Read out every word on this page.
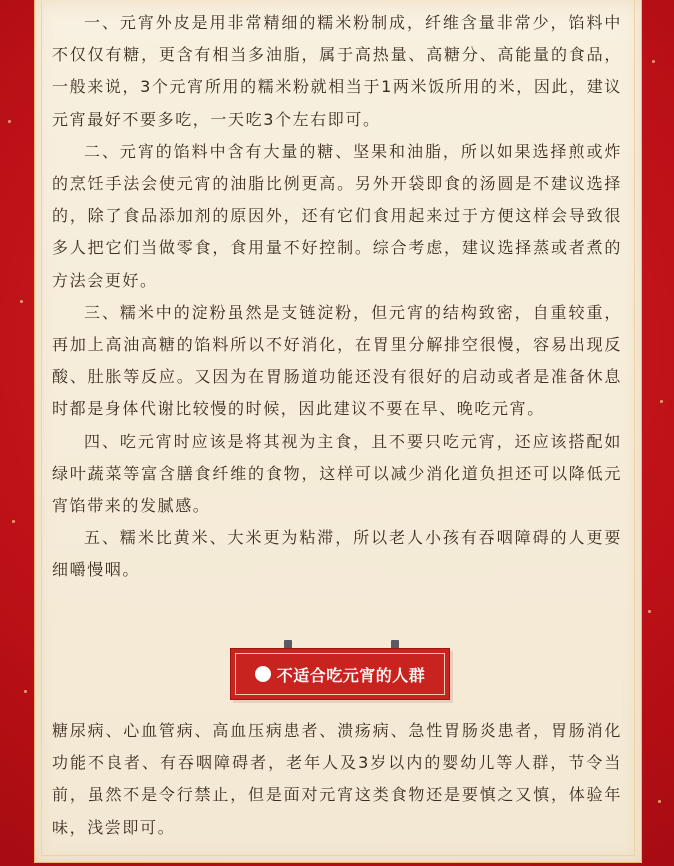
一、元宵外皮是用非常精细的糯米粉制成，纤维含量非常少，馅料中不仅仅有糖，更含有相当多油脂，属于高热量、高糖分、高能量的食品，一般来说，3个元宵所用的糯米粉就相当于1两米饭所用的米，因此，建议元宵最好不要多吃，一天吃3个左右即可。

二、元宵的馅料中含有大量的糖、坚果和油脂，所以如果选择煎或炸的烹饪手法会使元宵的油脂比例更高。另外开袋即食的汤圆是不建议选择的，除了食品添加剂的原因外，还有它们食用起来过于方便这样会导致很多人把它们当做零食，食用量不好控制。综合考虑，建议选择蒸或者煮的方法会更好。

三、糯米中的淀粉虽然是支链淀粉，但元宵的结构致密，自重较重，再加上高油高糖的馅料所以不好消化，在胃里分解排空很慢，容易出现反酸、肚胀等反应。又因为在胃肠道功能还没有很好的启动或者是准备休息时都是身体代谢比较慢的时候，因此建议不要在早、晚吃元宵。

四、吃元宵时应该是将其视为主食，且不要只吃元宵，还应该搭配如绿叶蔬菜等富含膳食纤维的食物，这样可以减少消化道负担还可以降低元宵馅带来的发腻感。

五、糯米比黄米、大米更为粘滞，所以老人小孩有吞咽障碍的人更要细嚼慢咽。

不适合吃元宵的人群

糖尿病、心血管病、高血压病患者、溃疡病、急性胃肠炎患者，胃肠消化功能不良者、有吞咽障碍者，老年人及3岁以内的婴幼儿等人群，节令当前，虽然不是令行禁止，但是面对元宵这类食物还是要慎之又慎，体验年味，浅尝即可。
